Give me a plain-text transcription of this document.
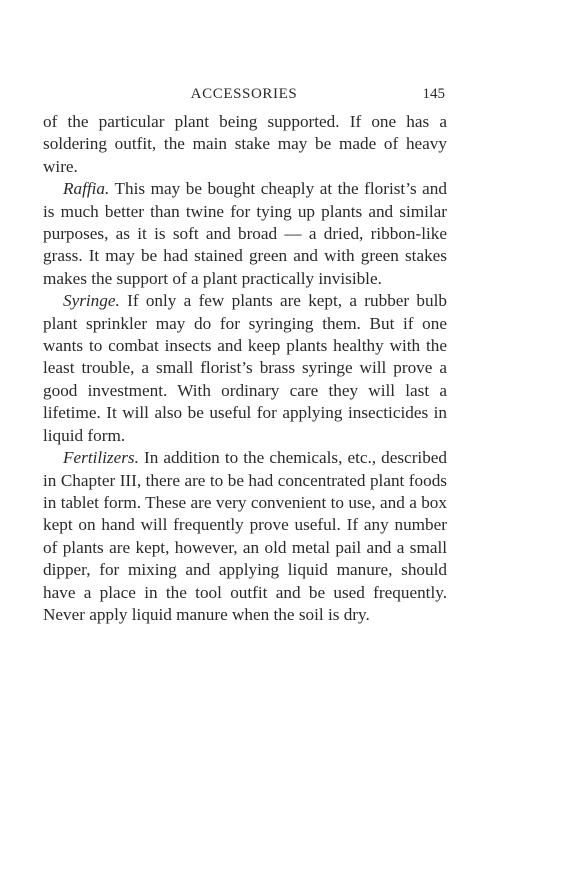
ACCESSORIES	145

of the particular plant being supported. If one has a soldering outfit, the main stake may be made of heavy wire.

Raffia. This may be bought cheaply at the florist’s and is much better than twine for tying up plants and similar purposes, as it is soft and broad — a dried, ribbon-like grass. It may be had stained green and with green stakes makes the support of a plant practically invisible.

Syringe. If only a few plants are kept, a rubber bulb plant sprinkler may do for syringing them. But if one wants to combat insects and keep plants healthy with the least trouble, a small florist’s brass syringe will prove a good investment. With ordinary care they will last a lifetime. It will also be useful for applying insecticides in liquid form.

Fertilizers. In addition to the chemicals, etc., described in Chapter III, there are to be had concentrated plant foods in tablet form. These are very convenient to use, and a box kept on hand will frequently prove useful. If any number of plants are kept, however, an old metal pail and a small dipper, for mixing and applying liquid manure, should have a place in the tool outfit and be used frequently. Never apply liquid manure when the soil is dry.
